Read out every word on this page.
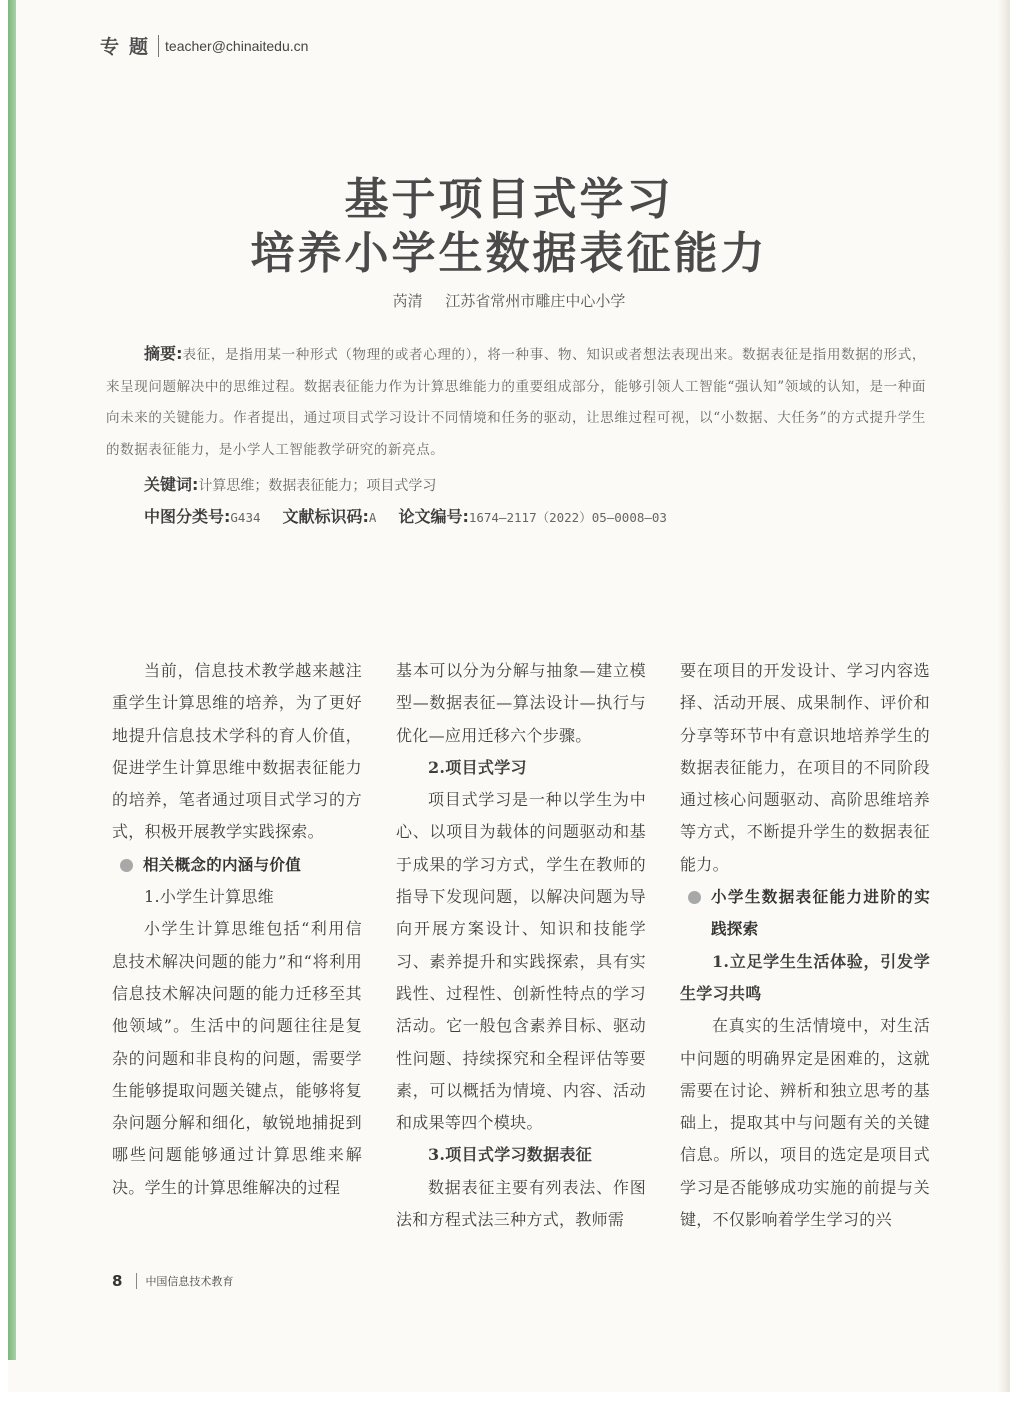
专题 teacher@chinaitedu.cn
基于项目式学习
培养小学生数据表征能力
芮清 江苏省常州市雕庄中心小学
摘要:表征，是指用某一种形式（物理的或者心理的），将一种事、物、知识或者想法表现出来。数据表征是指用数据的形式，来呈现问题解决中的思维过程。数据表征能力作为计算思维能力的重要组成部分，能够引领人工智能“强认知”领域的认知，是一种面向未来的关键能力。作者提出，通过项目式学习设计不同情境和任务的驱动，让思维过程可视，以“小数据、大任务”的方式提升学生的数据表征能力，是小学人工智能教学研究的新亮点。
关键词:计算思维；数据表征能力；项目式学习
中图分类号:G434 文献标识码:A 论文编号:1674–2117（2022）05–0008–03

当前，信息技术教学越来越注重学生计算思维的培养，为了更好地提升信息技术学科的育人价值，促进学生计算思维中数据表征能力的培养，笔者通过项目式学习的方式，积极开展教学实践探索。

相关概念的内涵与价值
1.小学生计算思维

小学生计算思维包括“利用信息技术解决问题的能力”和“将利用信息技术解决问题的能力迁移至其他领域”。生活中的问题往往是复杂的问题和非良构的问题，需要学生能够提取问题关键点，能够将复杂问题分解和细化，敏锐地捕捉到哪些问题能够通过计算思维来解决。学生的计算思维解决的过程

基本可以分为分解与抽象—建立模型—数据表征—算法设计—执行与优化—应用迁移六个步骤。

2.项目式学习

项目式学习是一种以学生为中心、以项目为载体的问题驱动和基于成果的学习方式，学生在教师的指导下发现问题，以解决问题为导向开展方案设计、知识和技能学习、素养提升和实践探索，具有实践性、过程性、创新性特点的学习活动。它一般包含素养目标、驱动性问题、持续探究和全程评估等要素，可以概括为情境、内容、活动和成果等四个模块。

3.项目式学习数据表征

数据表征主要有列表法、作图法和方程式法三种方式，教师需

要在项目的开发设计、学习内容选择、活动开展、成果制作、评价和分享等环节中有意识地培养学生的数据表征能力，在项目的不同阶段通过核心问题驱动、高阶思维培养等方式，不断提升学生的数据表征能力。

小学生数据表征能力进阶的实践探索
1.立足学生生活体验，引发学生学习共鸣

在真实的生活情境中，对生活中问题的明确界定是困难的，这就需要在讨论、辨析和独立思考的基础上，提取其中与问题有关的关键信息。所以，项目的选定是项目式学习是否能够成功实施的前提与关键，不仅影响着学生学习的兴

8 中国信息技术教育
